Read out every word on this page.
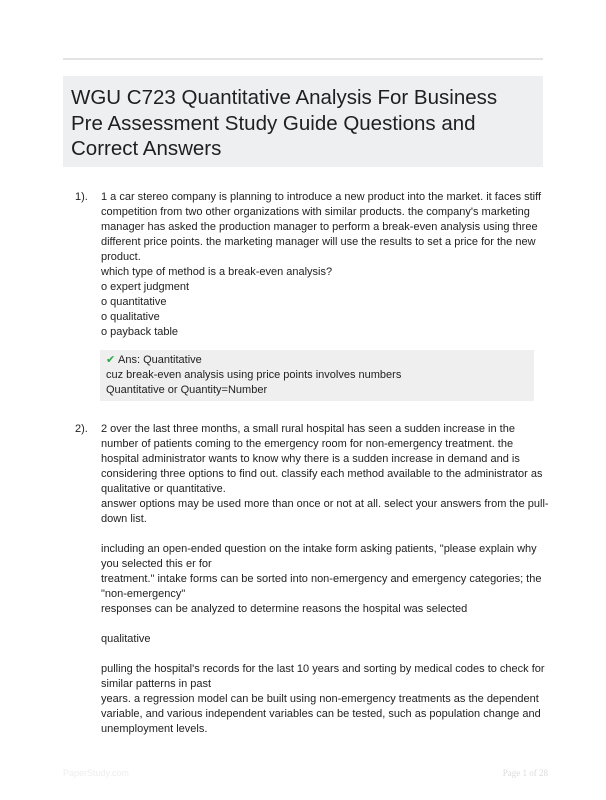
WGU C723 Quantitative Analysis For Business
Pre Assessment Study Guide Questions and
Correct Answers
1). 1 a car stereo company is planning to introduce a new product into the market. it faces stiff
competition from two other organizations with similar products. the company's marketing
manager has asked the production manager to perform a break-even analysis using three
different price points. the marketing manager will use the results to set a price for the new
product.
which type of method is a break-even analysis?
o expert judgment
o quantitative
o qualitative
o payback table
✔ Ans: Quantitative
cuz break-even analysis using price points involves numbers
Quantitative or Quantity=Number
2). 2 over the last three months, a small rural hospital has seen a sudden increase in the
number of patients coming to the emergency room for non-emergency treatment. the
hospital administrator wants to know why there is a sudden increase in demand and is
considering three options to find out. classify each method available to the administrator as
qualitative or quantitative.
answer options may be used more than once or not at all. select your answers from the pull-
down list.
including an open-ended question on the intake form asking patients, "please explain why
you selected this er for
treatment." intake forms can be sorted into non-emergency and emergency categories; the
"non-emergency"
responses can be analyzed to determine reasons the hospital was selected
qualitative
pulling the hospital's records for the last 10 years and sorting by medical codes to check for
similar patterns in past
years. a regression model can be built using non-emergency treatments as the dependent
variable, and various independent variables can be tested, such as population change and
unemployment levels.
PaperStudy.com	Page 1 of 28
